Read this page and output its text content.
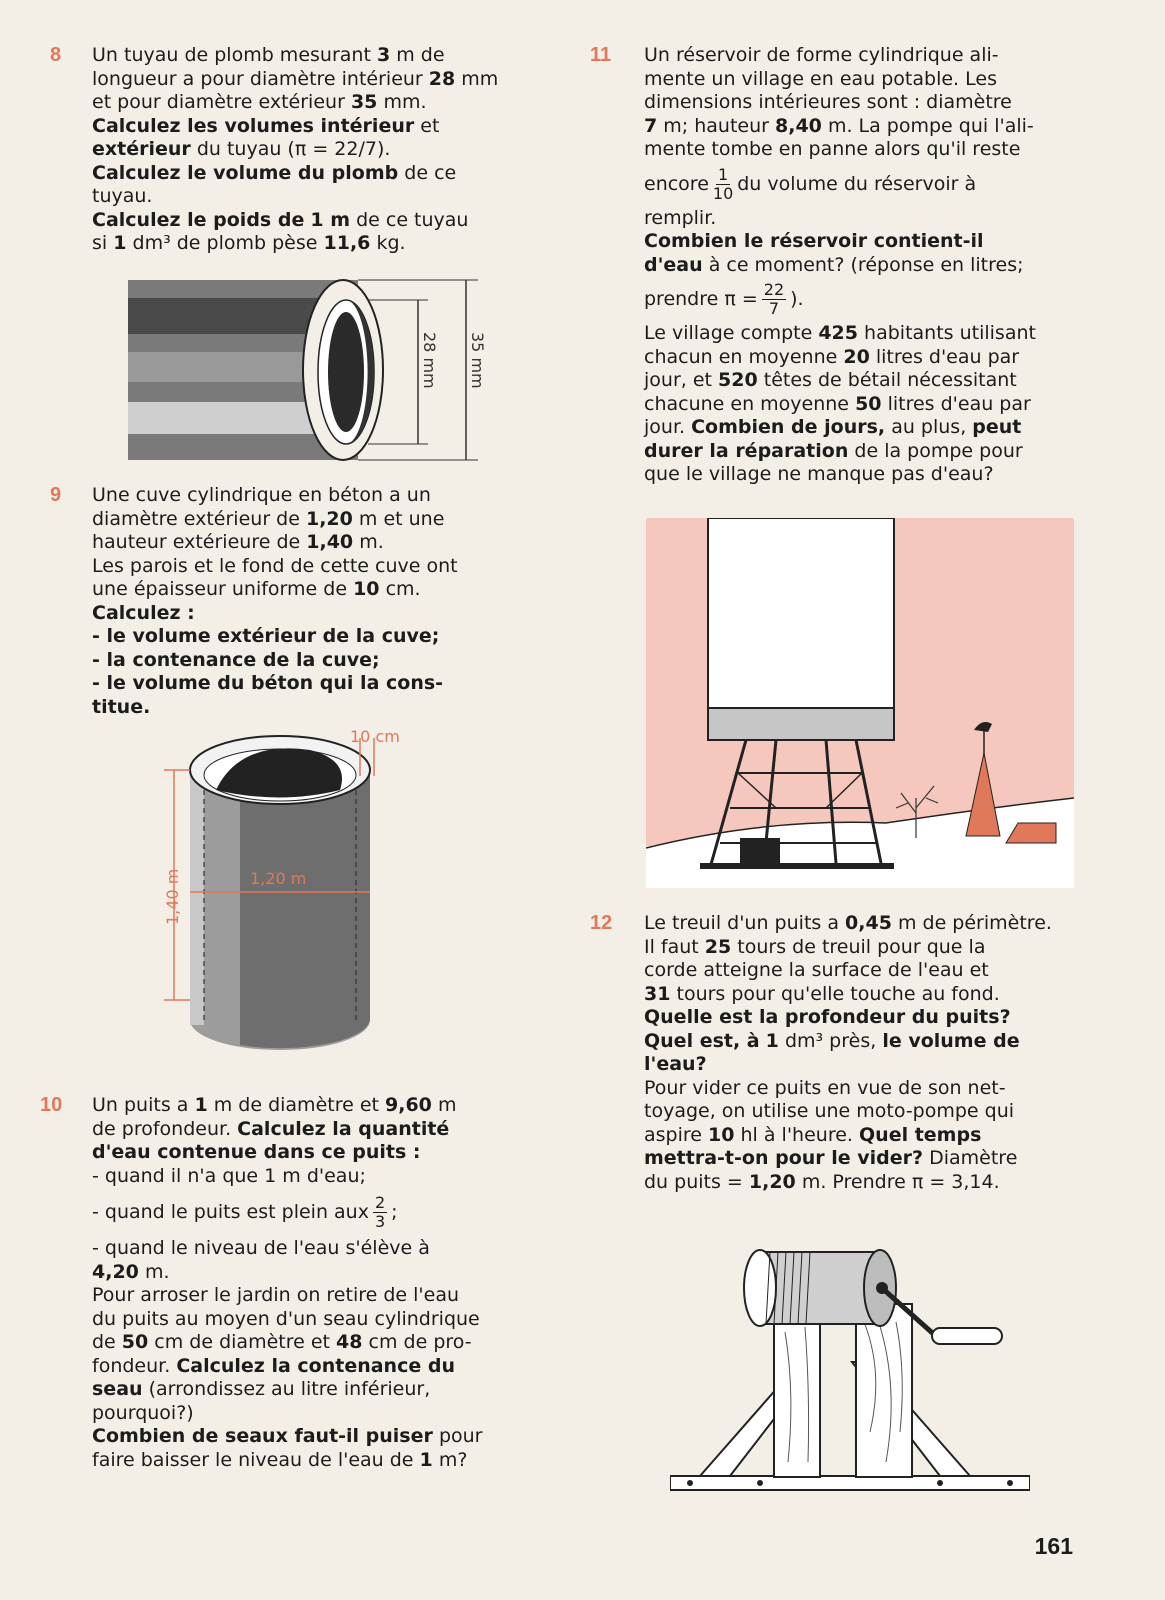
8 Un tuyau de plomb mesurant 3 m de
longueur a pour diamètre intérieur 28 mm
et pour diamètre extérieur 35 mm.
Calculez les volumes intérieur et
extérieur du tuyau (π = 22/7).
Calculez le volume du plomb de ce
tuyau.
Calculez le poids de 1 m de ce tuyau
si 1 dm³ de plomb pèse 11,6 kg.
28 mm 35 mm
9 Une cuve cylindrique en béton a un
diamètre extérieur de 1,20 m et une
hauteur extérieure de 1,40 m.
Les parois et le fond de cette cuve ont
une épaisseur uniforme de 10 cm.
Calculez :
- le volume extérieur de la cuve;
- la contenance de la cuve;
- le volume du béton qui la cons-
titue.
10 cm
1,20 m
1,40 m
10 Un puits a 1 m de diamètre et 9,60 m
de profondeur. Calculez la quantité
d'eau contenue dans ce puits :
- quand il n'a que 1 m d'eau;
- quand le puits est plein aux $\frac{2}{3}$ ;
- quand le niveau de l'eau s'élève à
4,20 m.
Pour arroser le jardin on retire de l'eau
du puits au moyen d'un seau cylindrique
de 50 cm de diamètre et 48 cm de pro-
fondeur. Calculez la contenance du
seau (arrondissez au litre inférieur,
pourquoi?)
Combien de seaux faut-il puiser pour
faire baisser le niveau de l'eau de 1 m?
11 Un réservoir de forme cylindrique ali-
mente un village en eau potable. Les
dimensions intérieures sont : diamètre
7 m; hauteur 8,40 m. La pompe qui l'ali-
mente tombe en panne alors qu'il reste
encore $\frac{1}{10}$ du volume du réservoir à
remplir.
Combien le réservoir contient-il
d'eau à ce moment? (réponse en litres;
prendre $\pi = \frac{22}{7}$ ).
Le village compte 425 habitants utilisant
chacun en moyenne 20 litres d'eau par
jour, et 520 têtes de bétail nécessitant
chacune en moyenne 50 litres d'eau par
jour. Combien de jours, au plus, peut
durer la réparation de la pompe pour
que le village ne manque pas d'eau?
12 Le treuil d'un puits a 0,45 m de périmètre.
Il faut 25 tours de treuil pour que la
corde atteigne la surface de l'eau et
31 tours pour qu'elle touche au fond.
Quelle est la profondeur du puits?
Quel est, à 1 dm³ près, le volume de
l'eau?
Pour vider ce puits en vue de son net-
toyage, on utilise une moto-pompe qui
aspire 10 hl à l'heure. Quel temps
mettra-t-on pour le vider? Diamètre
du puits = 1,20 m. Prendre π = 3,14.
161
